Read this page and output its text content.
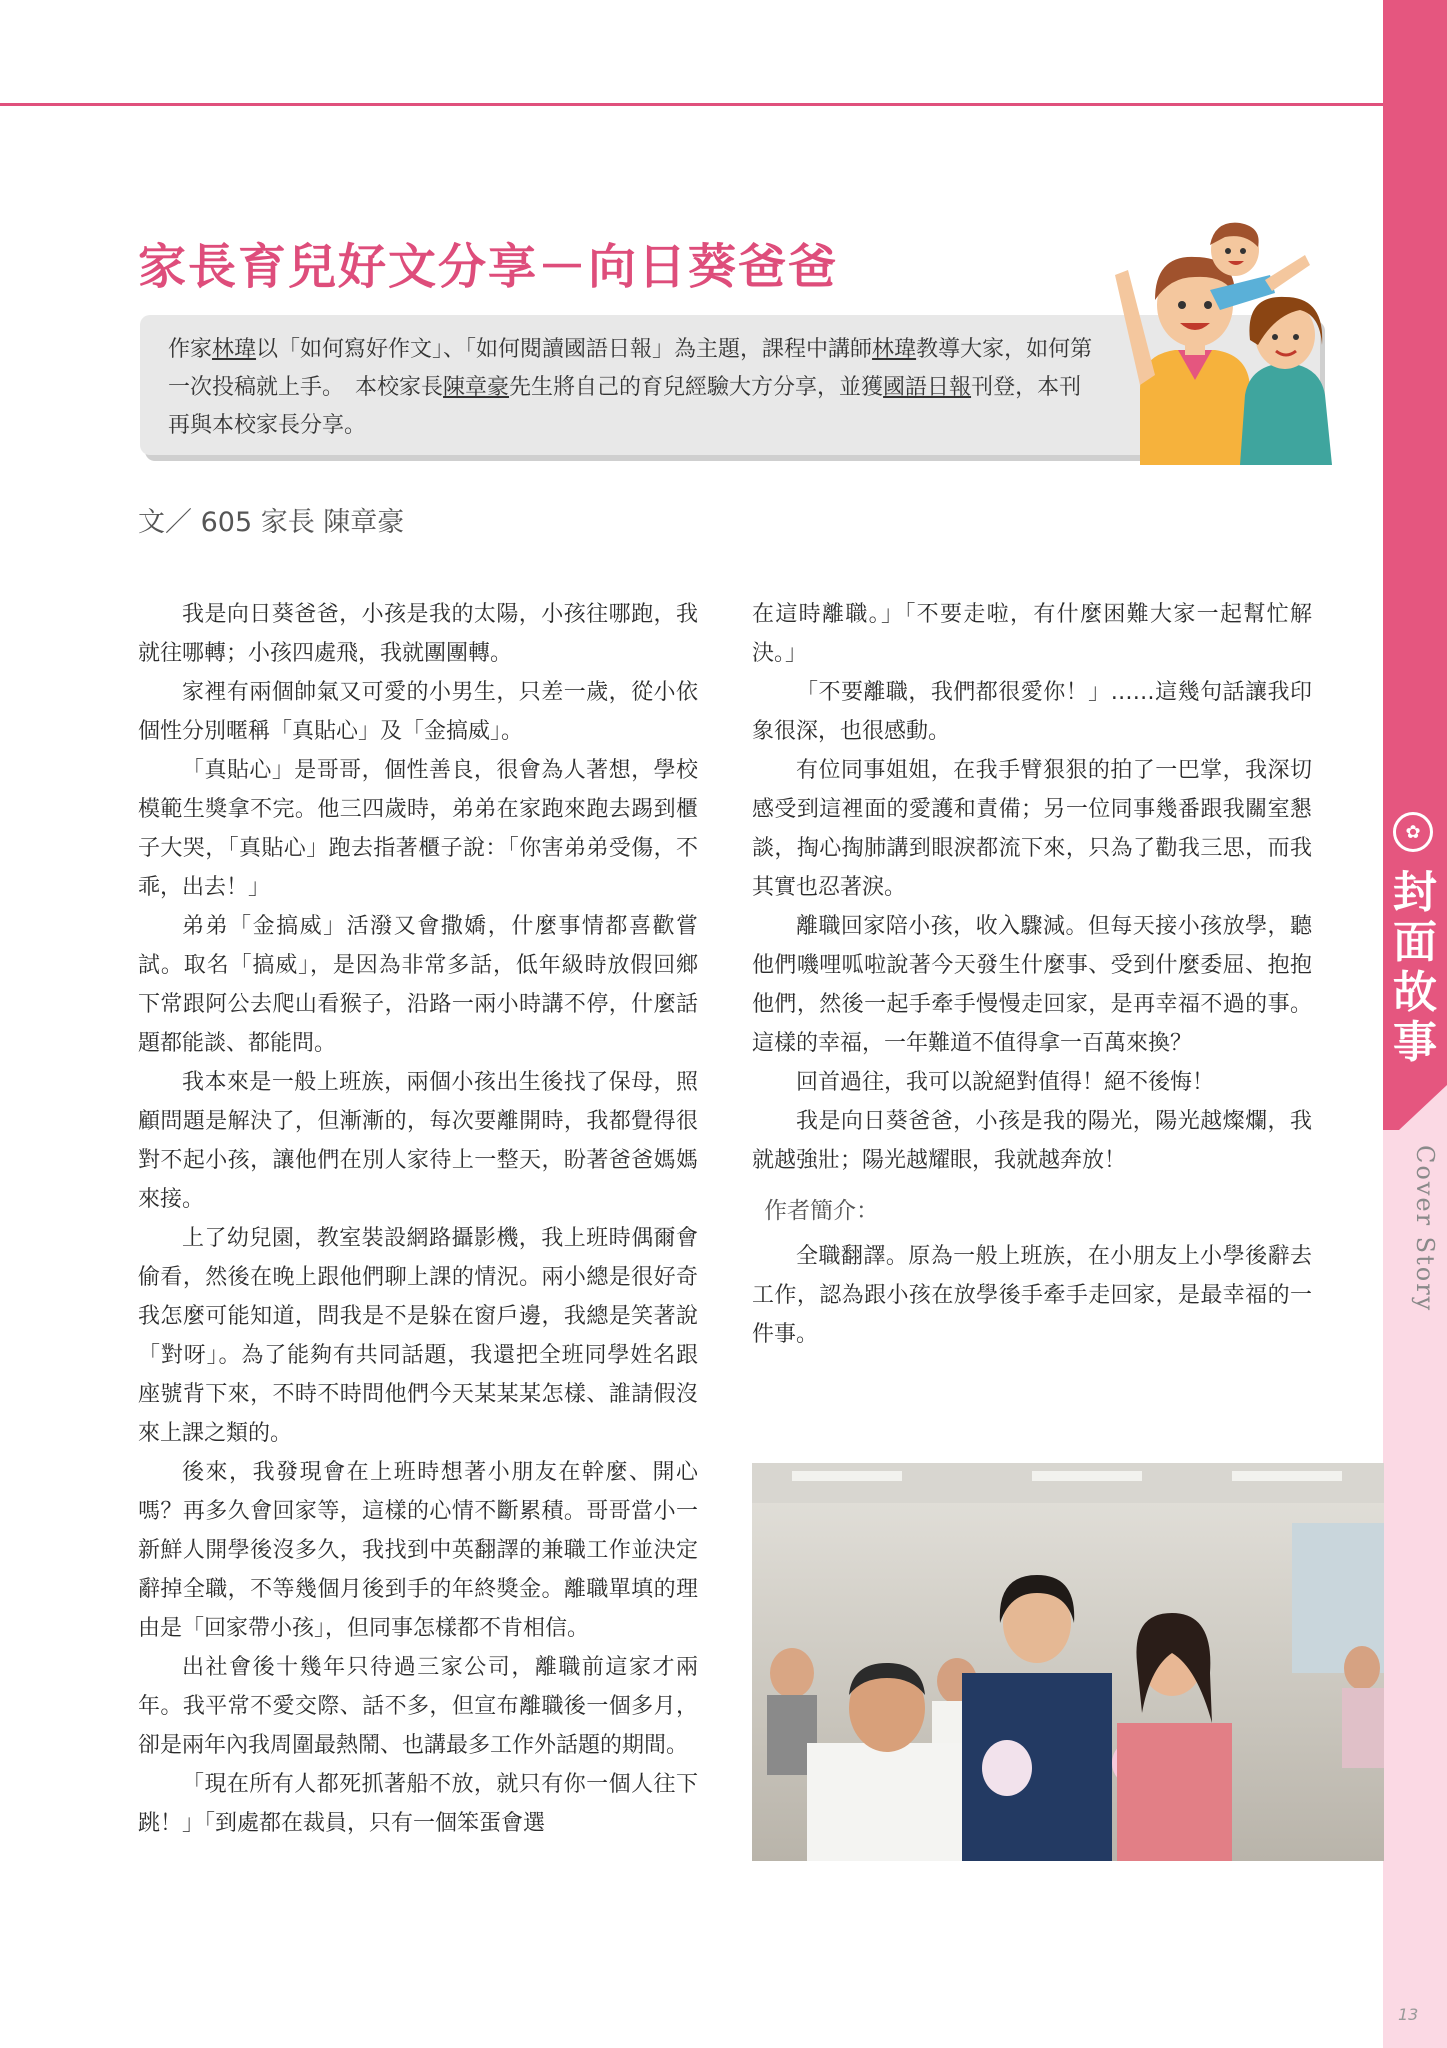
✿
封
面
故
事
Cover Story
13
家長育兒好文分享－向日葵爸爸

作家林瑋以「如何寫好作文」、「如何閱讀國語日報」為主題，課程中講師林瑋教導大家，如何第一次投稿就上手。　本校家長陳章豪先生將自己的育兒經驗大方分享，並獲國語日報刊登，本刊再與本校家長分享。

文／ 605 家長 陳章豪

我是向日葵爸爸，小孩是我的太陽，小孩往哪跑，我就往哪轉；小孩四處飛，我就團團轉。

家裡有兩個帥氣又可愛的小男生，只差一歲，從小依個性分別暱稱「真貼心」及「金搞威」。

「真貼心」是哥哥，個性善良，很會為人著想，學校模範生獎拿不完。他三四歲時，弟弟在家跑來跑去踢到櫃子大哭，「真貼心」跑去指著櫃子說：「你害弟弟受傷，不乖，出去！」

弟弟「金搞威」活潑又會撒嬌，什麼事情都喜歡嘗試。取名「搞威」，是因為非常多話，低年級時放假回鄉下常跟阿公去爬山看猴子，沿路一兩小時講不停，什麼話題都能談、都能問。

我本來是一般上班族，兩個小孩出生後找了保母，照顧問題是解決了，但漸漸的，每次要離開時，我都覺得很對不起小孩，讓他們在別人家待上一整天，盼著爸爸媽媽來接。

上了幼兒園，教室裝設網路攝影機，我上班時偶爾會偷看，然後在晚上跟他們聊上課的情況。兩小總是很好奇我怎麼可能知道，問我是不是躲在窗戶邊，我總是笑著說「對呀」。為了能夠有共同話題，我還把全班同學姓名跟座號背下來，不時不時問他們今天某某某怎樣、誰請假沒來上課之類的。

後來，我發現會在上班時想著小朋友在幹麼、開心嗎？再多久會回家等，這樣的心情不斷累積。哥哥當小一新鮮人開學後沒多久，我找到中英翻譯的兼職工作並決定辭掉全職，不等幾個月後到手的年終獎金。離職單填的理由是「回家帶小孩」，但同事怎樣都不肯相信。

出社會後十幾年只待過三家公司，離職前這家才兩年。我平常不愛交際、話不多，但宣布離職後一個多月，卻是兩年內我周圍最熱鬧、也講最多工作外話題的期間。

「現在所有人都死抓著船不放，就只有你一個人往下跳！」「到處都在裁員，只有一個笨蛋會選

在這時離職。」「不要走啦，有什麼困難大家一起幫忙解決。」

「不要離職，我們都很愛你！」……這幾句話讓我印象很深，也很感動。

有位同事姐姐，在我手臂狠狠的拍了一巴掌，我深切感受到這裡面的愛護和責備；另一位同事幾番跟我關室懇談，掏心掏肺講到眼淚都流下來，只為了勸我三思，而我其實也忍著淚。

離職回家陪小孩，收入驟減。但每天接小孩放學，聽他們嘰哩呱啦說著今天發生什麼事、受到什麼委屈、抱抱他們，然後一起手牽手慢慢走回家，是再幸福不過的事。這樣的幸福，一年難道不值得拿一百萬來換？

回首過往，我可以說絕對值得！絕不後悔！

我是向日葵爸爸，小孩是我的陽光，陽光越燦爛，我就越強壯；陽光越耀眼，我就越奔放！

作者簡介：

全職翻譯。原為一般上班族，在小朋友上小學後辭去工作，認為跟小孩在放學後手牽手走回家，是最幸福的一件事。
